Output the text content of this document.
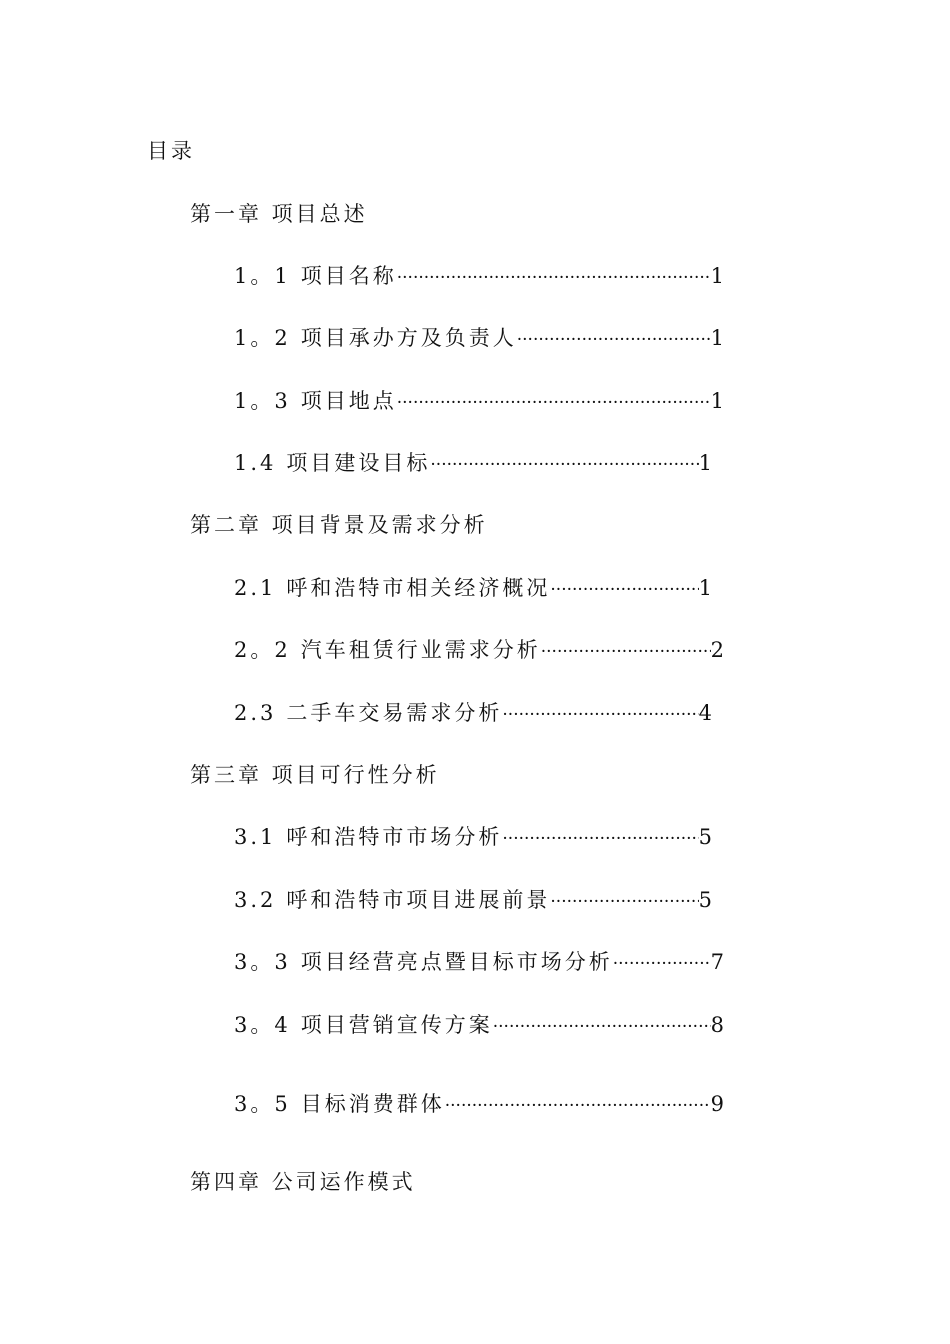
目录
第一章 项目总述
1。1 项目名称 ·····	1
1。2 项目承办方及负责人 ·····	1
1。3 项目地点 ·····	1
1.4 项目建设目标 ·····	1
第二章 项目背景及需求分析
2.1 呼和浩特市相关经济概况 ·····	1
2。2 汽车租赁行业需求分析 ·····	2
2.3 二手车交易需求分析 ·····	4
第三章 项目可行性分析
3.1 呼和浩特市市场分析 ·····	5
3.2 呼和浩特市项目进展前景 ·····	5
3。3 项目经营亮点暨目标市场分析 ·····	7
3。4 项目营销宣传方案 ·····	8
3。5 目标消费群体 ·····	9
第四章 公司运作模式
